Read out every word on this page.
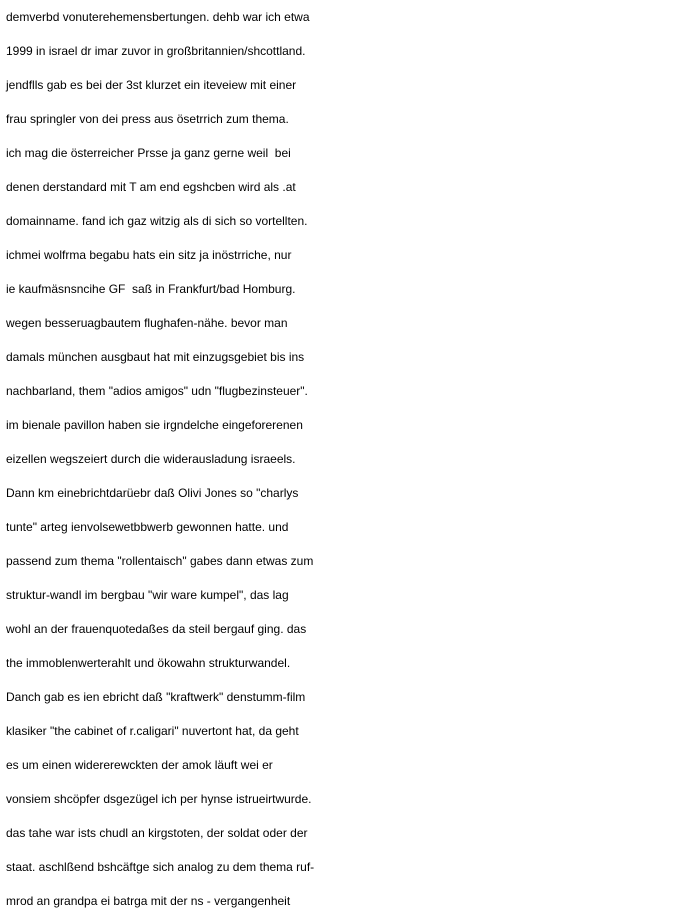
demverbd vonuterehemensbertungen. dehb war ich etwa
1999 in israel dr imar zuvor in großbritannien/shcottland.
jendflls gab es bei der 3st klurzet ein iteveiew mit einer
frau springler von dei press aus ösetrrich zum thema.
ich mag die österreicher Prsse ja ganz gerne weil  bei
denen derstandard mit T am end egshcben wird als .at
domainname. fand ich gaz witzig als di sich so vortellten.
ichmei wolfrma begabu hats ein sitz ja inöstrriche, nur
ie kaufmäsnsncihe GF  saß in Frankfurt/bad Homburg.
wegen besseruagbautem flughafen-nähe. bevor man
damals münchen ausgbaut hat mit einzugsgebiet bis ins
nachbarland, them "adios amigos" udn "flugbezinsteuer".
im bienale pavillon haben sie irgndelche eingeforerenen
eizellen wegszeiert durch die widerausladung israeels.
Dann km einebrichtdarüebr daß Olivi Jones so "charlys
tunte" arteg ienvolsewetbbwerb gewonnen hatte. und
passend zum thema "rollentaisch" gabes dann etwas zum
struktur-wandl im bergbau "wir ware kumpel", das lag
wohl an der frauenquotedaßes da steil bergauf ging. das
the immoblenwerterahlt und ökowahn strukturwandel.
Danch gab es ien ebricht daß "kraftwerk" denstumm-film
klasiker "the cabinet of r.caligari" nuvertont hat, da geht
es um einen widererewckten der amok läuft wei er
vonsiem shcöpfer dsgezügel ich per hynse istrueirtwurde.
das tahe war ists chudl an kirgstoten, der soldat oder der
staat. aschlßend bshcäftge sich analog zu dem thema ruf-
mrod an grandpa ei batrga mit der ns - vergangenheit
